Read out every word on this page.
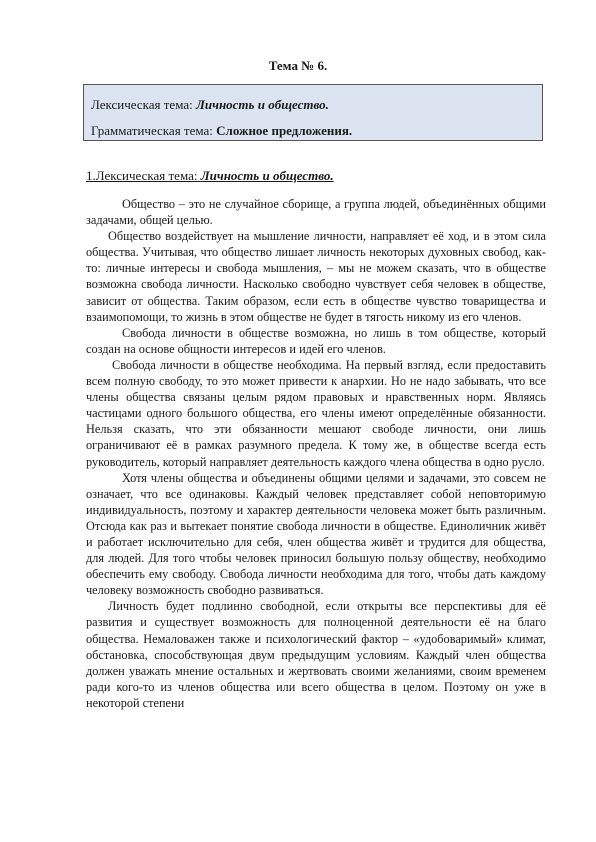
Тема № 6.
Лексическая тема: Личность и общество.
Грамматическая тема: Сложное предложения.
1.Лексическая тема: Личность и общество.

Общество – это не случайное сборище, а группа людей, объединённых общими задачами, общей целью.

Общество воздействует на мышление личности, направляет её ход, и в этом сила общества. Учитывая, что общество лишает личность некоторых духовных свобод, как-то: личные интересы и свобода мышления, – мы не можем сказать, что в обществе возможна свобода личности. Насколько свободно чувствует себя человек в обществе, зависит от общества. Таким образом, если есть в обществе чувство товарищества и взаимопомощи, то жизнь в этом обществе не будет в тягость никому из его членов.

Свобода личности в обществе возможна, но лишь в том обществе, который создан на основе общности интересов и идей его членов.

Свобода личности в обществе необходима. На первый взгляд, если предоставить всем полную свободу, то это может привести к анархии. Но не надо забывать, что все члены общества связаны целым рядом правовых и нравственных норм. Являясь частицами одного большого общества, его члены имеют определённые обязанности. Нельзя сказать, что эти обязанности мешают свободе личности, они лишь ограничивают её в рамках разумного предела. К тому же, в обществе всегда есть руководитель, который направляет деятельность каждого члена общества в одно русло.

Хотя члены общества и объединены общими целями и задачами, это совсем не означает, что все одинаковы. Каждый человек представляет собой неповторимую индивидуальность, поэтому и характер деятельности человека может быть различным. Отсюда как раз и вытекает понятие свобода личности в обществе. Единоличник живёт и работает исключительно для себя, член общества живёт и трудится для общества, для людей. Для того чтобы человек приносил большую пользу обществу, необходимо обеспечить ему свободу. Свобода личности необходима для того, чтобы дать каждому человеку возможность свободно развиваться.

Личность будет подлинно свободной, если открыты все перспективы для её развития и существует возможность для полноценной деятельности её на благо общества. Немаловажен также и психологический фактор – «удобоваримый» климат, обстановка, способствующая двум предыдущим условиям. Каждый член общества должен уважать мнение остальных и жертвовать своими желаниями, своим временем ради кого-то из членов общества или всего общества в целом. Поэтому он уже в некоторой степени
